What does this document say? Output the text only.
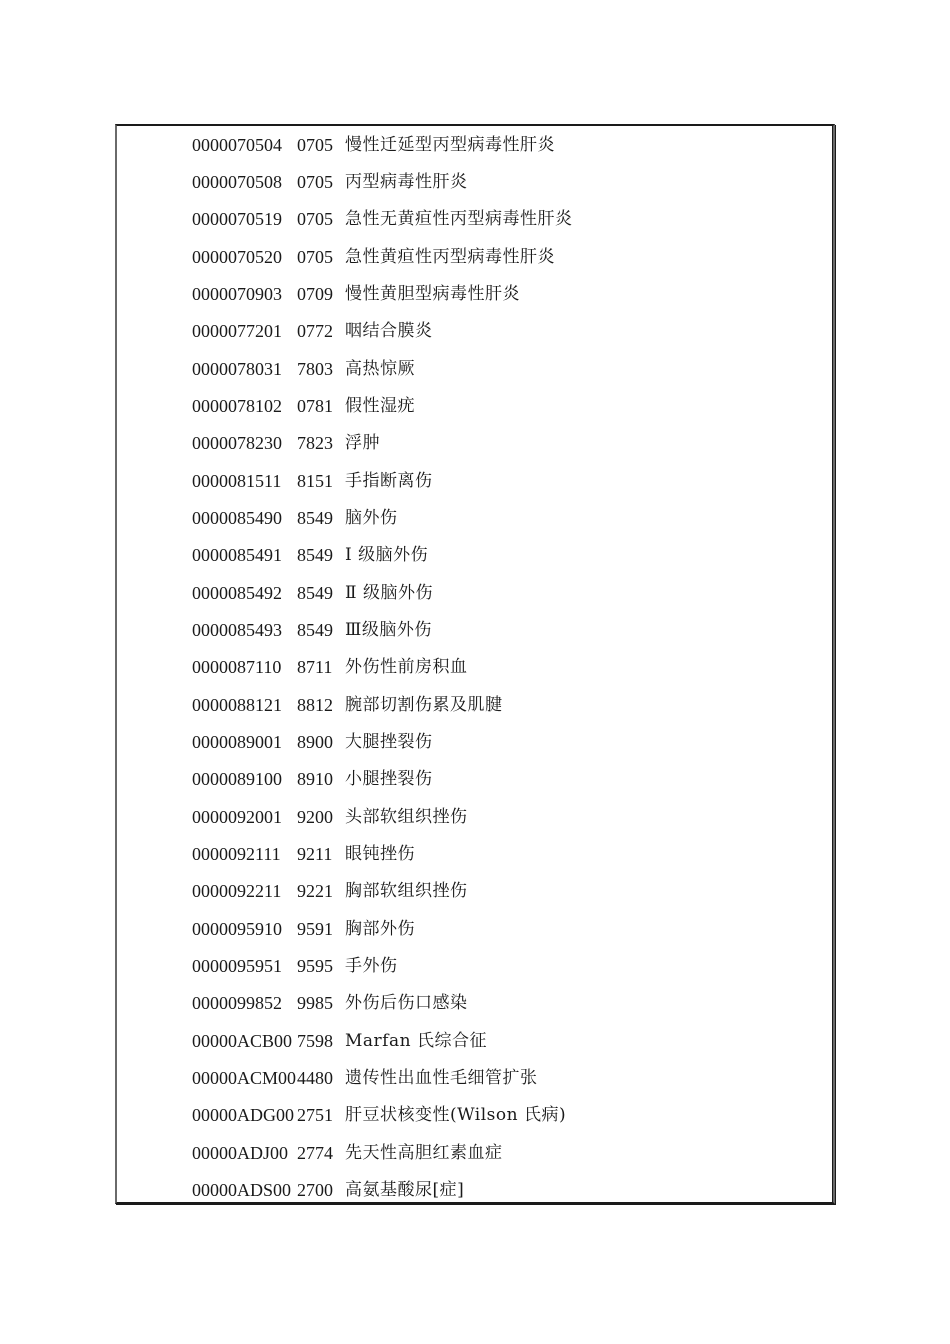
0000070504 0705 慢性迁延型丙型病毒性肝炎
0000070508 0705 丙型病毒性肝炎
0000070519 0705 急性无黄疸性丙型病毒性肝炎
0000070520 0705 急性黄疸性丙型病毒性肝炎
0000070903 0709 慢性黄胆型病毒性肝炎
0000077201 0772 咽结合膜炎
0000078031 7803 高热惊厥
0000078102 0781 假性湿疣
0000078230 7823 浮肿
0000081511 8151 手指断离伤
0000085490 8549 脑外伤
0000085491 8549 Ⅰ 级脑外伤
0000085492 8549 Ⅱ 级脑外伤
0000085493 8549 Ⅲ级脑外伤
0000087110 8711 外伤性前房积血
0000088121 8812 腕部切割伤累及肌腱
0000089001 8900 大腿挫裂伤
0000089100 8910 小腿挫裂伤
0000092001 9200 头部软组织挫伤
0000092111 9211 眼钝挫伤
0000092211 9221 胸部软组织挫伤
0000095910 9591 胸部外伤
0000095951 9595 手外伤
0000099852 9985 外伤后伤口感染
00000ACB00 7598 Marfan 氏综合征
00000ACM00 4480 遗传性出血性毛细管扩张
00000ADG00 2751 肝豆状核变性(Wilson 氏病)
00000ADJ00 2774 先天性高胆红素血症
00000ADS00 2700 高氨基酸尿[症]
